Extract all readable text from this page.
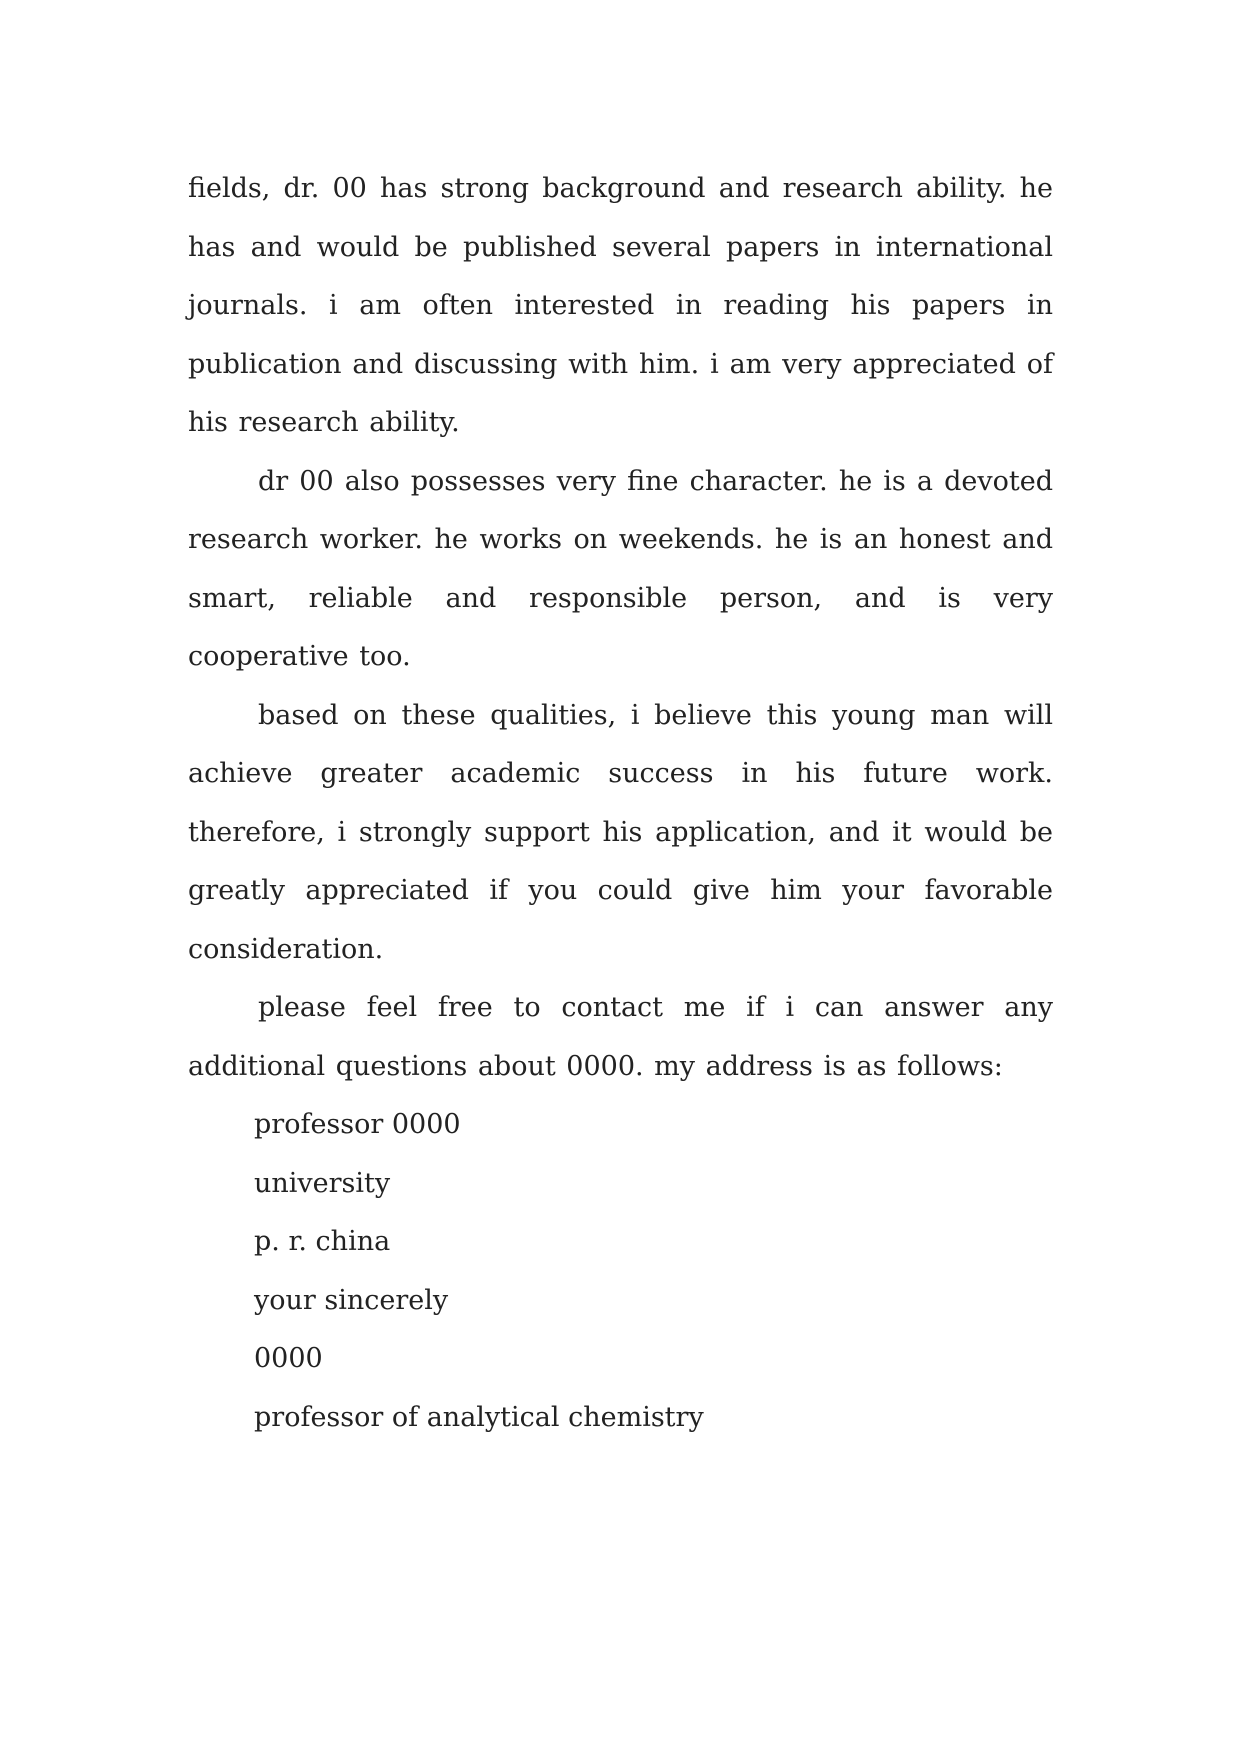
fields, dr. 00 has strong background and research ability. he has and would be published several papers in international journals. i am often interested in reading his papers in publication and discussing with him. i am very appreciated of his research ability.

dr 00 also possesses very fine character. he is a devoted research worker. he works on weekends. he is an honest and smart, reliable and responsible person, and is very cooperative too.

based on these qualities, i believe this young man will achieve greater academic success in his future work. therefore, i strongly support his application, and it would be greatly appreciated if you could give him your favorable consideration.

please feel free to contact me if i can answer any additional questions about 0000. my address is as follows:

professor 0000

university

p. r. china

your sincerely

0000

professor of analytical chemistry
